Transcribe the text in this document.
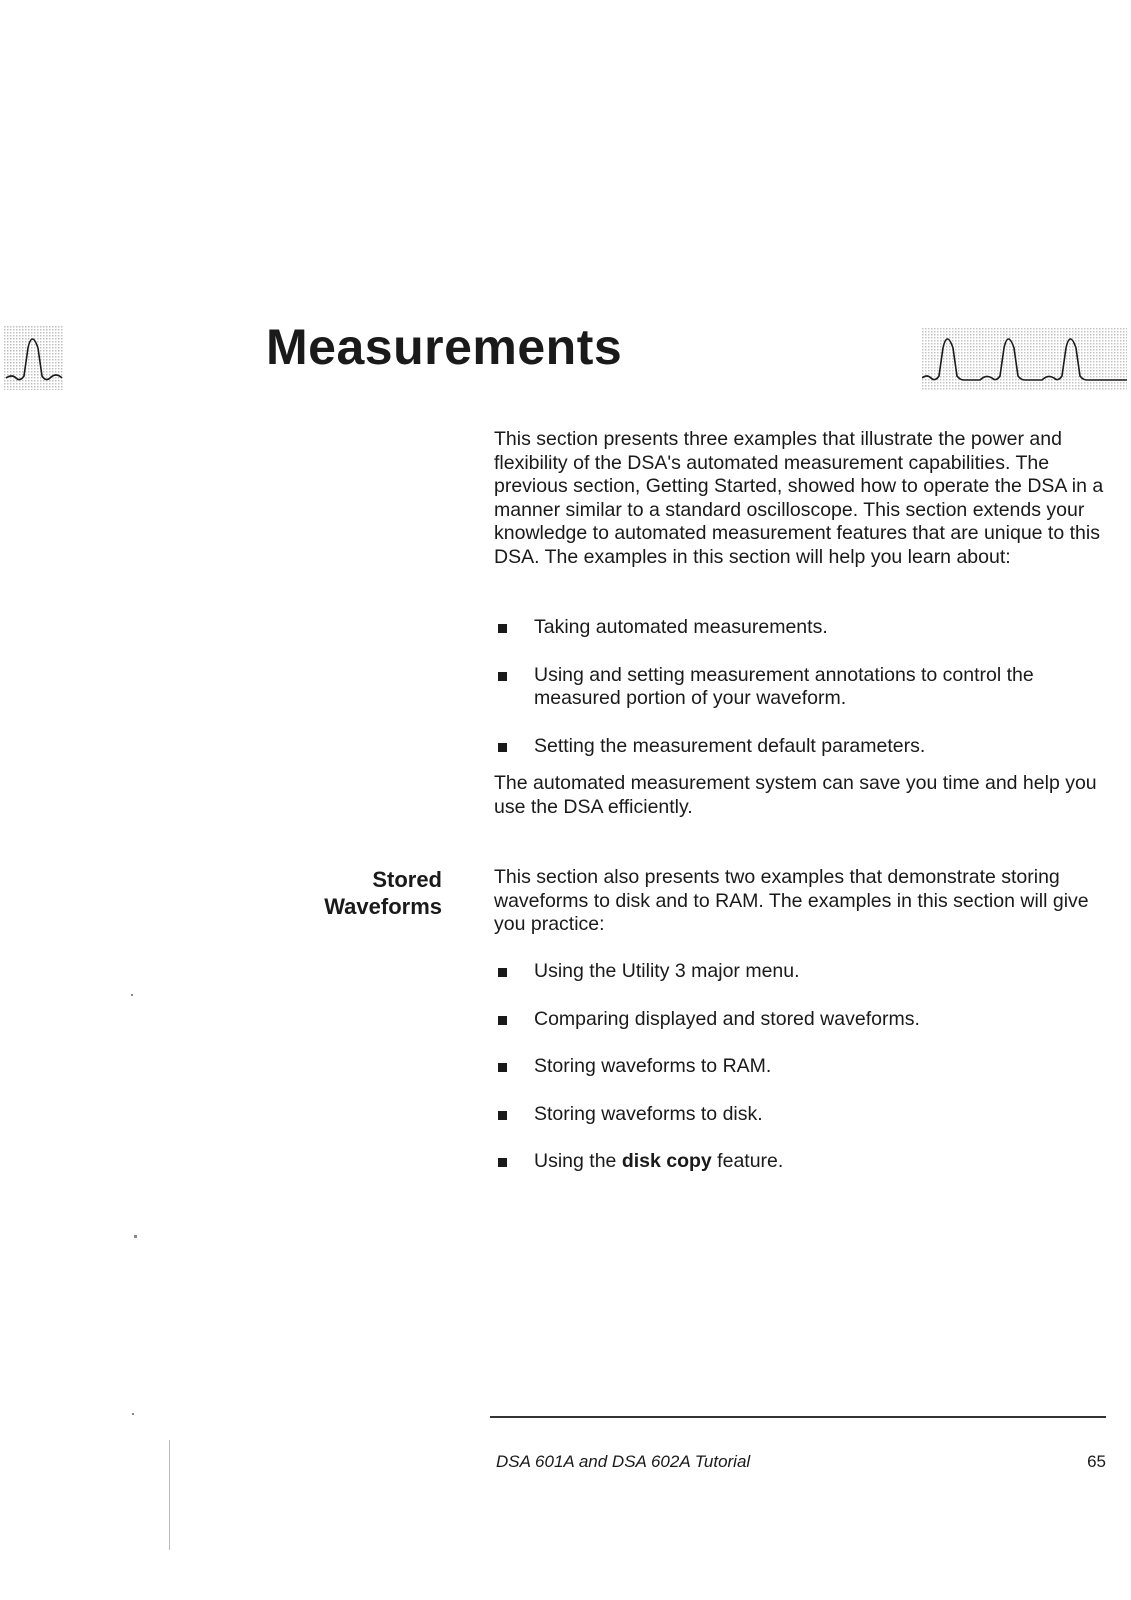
Measurements

This section presents three examples that illustrate the power and flexibility of the DSA's automated measurement capabilities. The previous section, Getting Started, showed how to operate the DSA in a manner similar to a standard oscilloscope. This section extends your knowledge to automated measurement features that are unique to this DSA. The examples in this section will help you learn about:

Taking automated measurements.
Using and setting measurement annotations to control the measured portion of your waveform.
Setting the measurement default parameters.

The automated measurement system can save you time and help you use the DSA efficiently.

Stored
Waveforms

This section also presents two examples that demonstrate storing waveforms to disk and to RAM. The examples in this section will give you practice:

Using the Utility 3 major menu.
Comparing displayed and stored waveforms.
Storing waveforms to RAM.
Storing waveforms to disk.
Using the disk copy feature.
DSA 601A and DSA 602A Tutorial	65
